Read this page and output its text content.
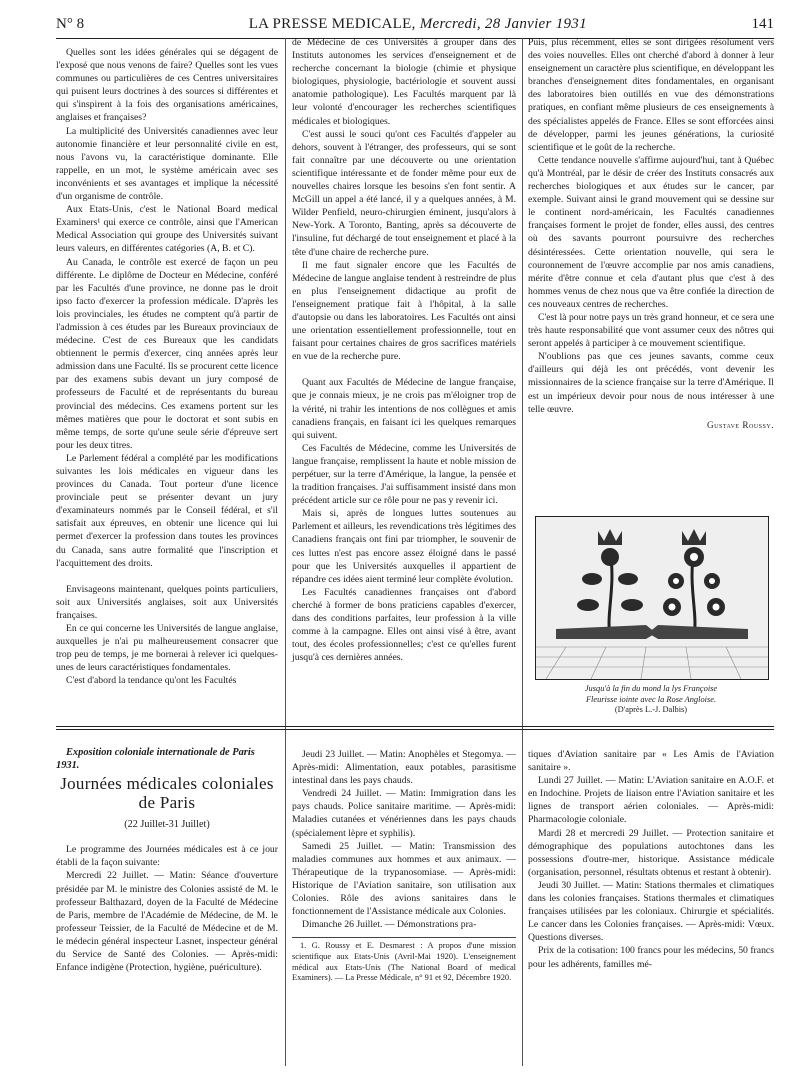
N° 8	LA PRESSE MEDICALE, Mercredi, 28 Janvier 1931	141

Quelles sont les idées générales qui se dégagent de l'exposé que nous venons de faire? Quelles sont les vues communes ou particulières de ces Centres universitaires qui puisent leurs doctrines à des sources si différentes et qui s'inspirent à la fois des organisations américaines, anglaises et françaises?

La multiplicité des Universités canadiennes avec leur autonomie financière et leur personnalité civile en est, nous l'avons vu, la caractéristique dominante. Elle rappelle, en un mot, le système américain avec ses inconvénients et ses avantages et implique la nécessité d'un organisme de contrôle.

Aux Etats-Unis, c'est le National Board medical Examiners¹ qui exerce ce contrôle, ainsi que l'American Medical Association qui groupe des Universités suivant leurs valeurs, en différentes catégories (A, B. et C).

Au Canada, le contrôle est exercé de façon un peu différente. Le diplôme de Docteur en Médecine, conféré par les Facultés d'une province, ne donne pas le droit ipso facto d'exercer la profession médicale. D'après les lois provinciales, les études ne comptent qu'à partir de l'admission à ces études par les Bureaux provinciaux de médecine. C'est de ces Bureaux que les candidats obtiennent le permis d'exercer, cinq années après leur admission dans une Faculté. Ils se procurent cette licence par des examens subis devant un jury composé de professeurs de Faculté et de représentants du bureau provincial des médecins. Ces examens portent sur les mêmes matières que pour le doctorat et sont subis en même temps, de sorte qu'une seule série d'épreuve sert pour les deux titres.

Le Parlement fédéral a complété par les modifications suivantes les lois médicales en vigueur dans les provinces du Canada. Tout porteur d'une licence provinciale peut se présenter devant un jury d'examinateurs nommés par le Conseil fédéral, et s'il satisfait aux épreuves, en obtenir une licence qui lui permet d'exercer la profession dans toutes les provinces du Canada, sans autre formalité que l'inscription et l'acquittement des droits.

Envisageons maintenant, quelques points particuliers, soit aux Universités anglaises, soit aux Universités françaises.

En ce qui concerne les Universités de langue anglaise, auxquelles je n'ai pu malheureusement consacrer que trop peu de temps, je me bornerai à relever ici quelques-unes de leurs caractéristiques fondamentales.

C'est d'abord la tendance qu'ont les Facultés

de Médecine de ces Universités à grouper dans des Instituts autonomes les services d'enseignement et de recherche concernant la biologie (chimie et physique biologiques, physiologie, bactériologie et souvent aussi anatomie pathologique). Les Facultés marquent par là leur volonté d'encourager les recherches scientifiques médicales et biologiques.

C'est aussi le souci qu'ont ces Facultés d'appeler au dehors, souvent à l'étranger, des professeurs, qui se sont fait connaître par une découverte ou une orientation scientifique intéressante et de fonder même pour eux de nouvelles chaires lorsque les besoins s'en font sentir. A McGill un appel a été lancé, il y a quelques années, à M. Wilder Penfield, neuro-chirurgien éminent, jusqu'alors à New-York. A Toronto, Banting, après sa découverte de l'insuline, fut déchargé de tout enseignement et placé à la tête d'une chaire de recherche pure.

Il me faut signaler encore que les Facultés de Médecine de langue anglaise tendent à restreindre de plus en plus l'enseignement didactique au profit de l'enseignement pratique fait à l'hôpital, à la salle d'autopsie ou dans les laboratoires. Les Facultés ont ainsi une orientation essentiellement professionnelle, tout en faisant pour certaines chaires de gros sacrifices matériels en vue de la recherche pure.

Quant aux Facultés de Médecine de langue française, que je connais mieux, je ne crois pas m'éloigner trop de la vérité, ni trahir les intentions de nos collègues et amis canadiens français, en faisant ici les quelques remarques qui suivent.

Ces Facultés de Médecine, comme les Universités de langue française, remplissent la haute et noble mission de perpétuer, sur la terre d'Amérique, la langue, la pensée et la tradition françaises. J'ai suffisamment insisté dans mon précédent article sur ce rôle pour ne pas y revenir ici.

Mais si, après de longues luttes soutenues au Parlement et ailleurs, les revendications très légitimes des Canadiens français ont fini par triompher, le souvenir de ces luttes n'est pas encore assez éloigné dans le passé pour que les Universités auxquelles il appartient de répandre ces idées aient terminé leur complète évolution.

Les Facultés canadiennes françaises ont d'abord cherché à former de bons praticiens capables d'exercer, dans des conditions parfaites, leur profession à la ville comme à la campagne. Elles ont ainsi visé à être, avant tout, des écoles professionnelles; c'est ce qu'elles furent jusqu'à ces dernières années.

Puis, plus récemment, elles se sont dirigées résolument vers des voies nouvelles. Elles ont cherché d'abord à donner à leur enseignement un caractère plus scientifique, en développant les branches d'enseignement dites fondamentales, en organisant des laboratoires bien outillés en vue des démonstrations pratiques, en confiant même plusieurs de ces enseignements à des spécialistes appelés de France. Elles se sont efforcées ainsi de développer, parmi les jeunes générations, la curiosité scientifique et le goût de la recherche.

Cette tendance nouvelle s'affirme aujourd'hui, tant à Québec qu'à Montréal, par le désir de créer des Instituts consacrés aux recherches biologiques et aux études sur le cancer, par exemple. Suivant ainsi le grand mouvement qui se dessine sur le continent nord-américain, les Facultés canadiennes françaises forment le projet de fonder, elles aussi, des centres où des savants pourront poursuivre des recherches désintéressées. Cette orientation nouvelle, qui sera le couronnement de l'œuvre accomplie par nos amis canadiens, mérite d'être connue et cela d'autant plus que c'est à des hommes venus de chez nous que va être confiée la direction de ces nouveaux centres de recherches.

C'est là pour notre pays un très grand honneur, et ce sera une très haute responsabilité que vont assumer ceux des nôtres qui seront appelés à participer à ce mouvement scientifique.

N'oublions pas que ces jeunes savants, comme ceux d'ailleurs qui déjà les ont précédés, vont devenir les missionnaires de la science française sur la terre d'Amérique. Il est un impérieux devoir pour nous de nous intéresser à une telle œuvre.

Gustave Roussy.
Jusqu'à la fin du mond la lys Françoise
Fleurisse iointe avec la Rose Angloise.
(D'après L.-J. Dalbis)

Exposition coloniale internationale de Paris 1931.

Journées médicales coloniales de Paris
(22 Juillet-31 Juillet)

Le programme des Journées médicales est à ce jour établi de la façon suivante:

Mercredi 22 Juillet. — Matin: Séance d'ouverture présidée par M. le ministre des Colonies assisté de M. le professeur Balthazard, doyen de la Faculté de Médecine de Paris, membre de l'Académie de Médecine, de M. le professeur Teissier, de la Faculté de Médecine et de M. le médecin général inspecteur Lasnet, inspecteur général du Service de Santé des Colonies. — Après-midi: Enfance indigène (Protection, hygiène, puériculture).

Jeudi 23 Juillet. — Matin: Anophèles et Stegomya. — Après-midi: Alimentation, eaux potables, parasitisme intestinal dans les pays chauds.

Vendredi 24 Juillet. — Matin: Immigration dans les pays chauds. Police sanitaire maritime. — Après-midi: Maladies cutanées et vénériennes dans les pays chauds (spécialement lèpre et syphilis).

Samedi 25 Juillet. — Matin: Transmission des maladies communes aux hommes et aux animaux. — Thérapeutique de la trypanosomiase. — Après-midi: Historique de l'Aviation sanitaire, son utilisation aux Colonies. Rôle des avions sanitaires dans le fonctionnement de l'Assistance médicale aux Colonies.

Dimanche 26 Juillet. — Démonstrations pra-

1. G. Roussy et E. Desmarest : A propos d'une mission scientifique aux Etats-Unis (Avril-Mai 1920). L'enseignement médical aux Etats-Unis (The National Board of medical Examiners). — La Presse Médicale, n° 91 et 92, Décembre 1920.

tiques d'Aviation sanitaire par « Les Amis de l'Aviation sanitaire ».

Lundi 27 Juillet. — Matin: L'Aviation sanitaire en A.O.F. et en Indochine. Projets de liaison entre l'Aviation sanitaire et les lignes de transport aérien coloniales. — Après-midi: Pharmacologie coloniale.

Mardi 28 et mercredi 29 Juillet. — Protection sanitaire et démographique des populations autochtones dans les possessions d'outre-mer, historique. Assistance médicale (organisation, personnel, résultats obtenus et restant à obtenir).

Jeudi 30 Juillet. — Matin: Stations thermales et climatiques dans les colonies françaises. Stations thermales et climatiques françaises utilisées par les coloniaux. Chirurgie et spécialités. Le cancer dans les Colonies françaises. — Après-midi: Vœux. Questions diverses.

Prix de la cotisation: 100 francs pour les médecins, 50 francs pour les adhérents, familles mé-
